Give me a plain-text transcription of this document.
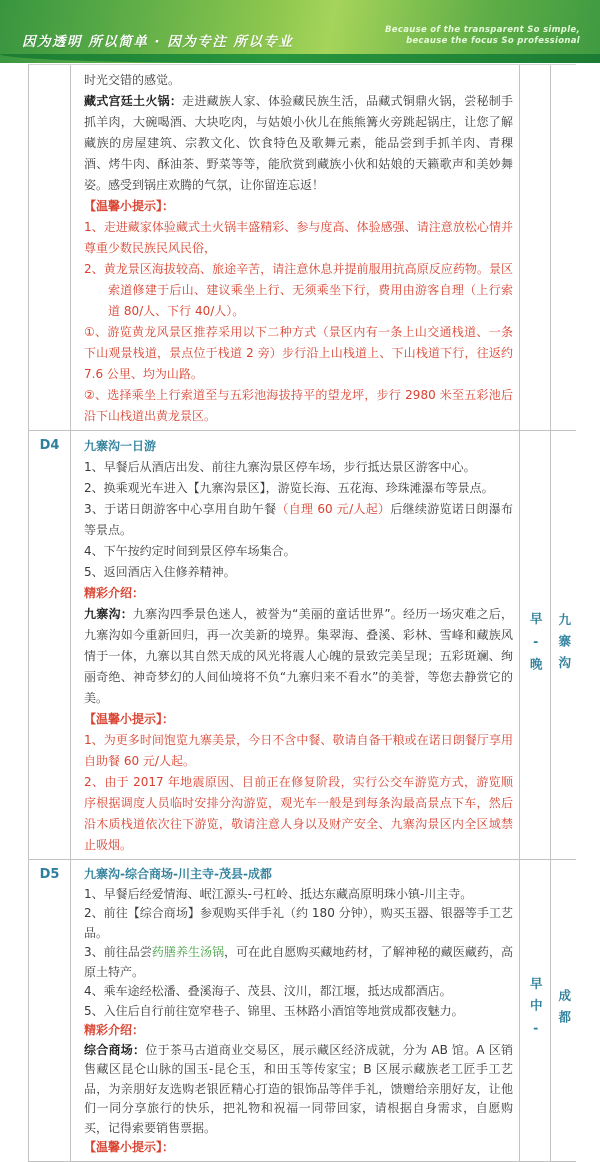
因为透明 所以简单 · 因为专注 所以专业
Because of the transparent So simple,
because the focus So professional
时光交错的感觉。
藏式宫廷土火锅：走进藏族人家、体验藏民族生活，品藏式铜鼎火锅，尝秘制手抓羊肉，大碗喝酒、大块吃肉，与姑娘小伙儿在熊熊篝火旁跳起锅庄，让您了解藏族的房屋建筑、宗教文化、饮食特色及歌舞元素，能品尝到手抓羊肉、青稞酒、烤牛肉、酥油茶、野菜等等，能欣赏到藏族小伙和姑娘的天籁歌声和美妙舞姿。感受到锅庄欢腾的气氛，让你留连忘返！
【温馨小提示】：
1、走进藏家体验藏式土火锅丰盛精彩、参与度高、体验感强、请注意放松心情并尊重少数民族民风民俗，
2、黄龙景区海拔较高、旅途辛苦，请注意休息并提前服用抗高原反应药物。景区索道修建于后山、建议乘坐上行、无须乘坐下行，费用由游客自理（上行索道 80/人、下行 40/人）。
①、游览黄龙风景区推荐采用以下二种方式（景区内有一条上山交通栈道、一条下山观景栈道，景点位于栈道 2 旁）步行沿上山栈道上、下山栈道下行，往返约 7.6 公里、均为山路。
②、选择乘坐上行索道至与五彩池海拔持平的望龙坪，步行 2980 米至五彩池后沿下山栈道出黄龙景区。
D4	九寨沟一日游
1、早餐后从酒店出发、前往九寨沟景区停车场，步行抵达景区游客中心。
2、换乘观光车进入【九寨沟景区】，游览长海、五花海、珍珠滩瀑布等景点。
3、于诺日朗游客中心享用自助午餐（自理 60 元/人起）后继续游览诺日朗瀑布等景点。
4、下午按约定时间到景区停车场集合。
5、返回酒店入住修养精神。
精彩介绍：
九寨沟：九寨沟四季景色迷人，被誉为“美丽的童话世界”。经历一场灾难之后，九寨沟如今重新回归，再一次美新的境界。集翠海、叠溪、彩林、雪峰和藏族风情于一体，九寨以其自然天成的风光将震人心魄的景致完美呈现；五彩斑斓、绚丽奇绝、神奇梦幻的人间仙境将不负“九寨归来不看水”的美誉，等您去静赏它的美。
【温馨小提示】：
1、为更多时间饱览九寨美景，今日不含中餐、敬请自备干粮或在诺日朗餐厅享用自助餐 60 元/人起。
2、由于 2017 年地震原因、目前正在修复阶段，实行公交车游览方式，游览顺序根据调度人员临时安排分沟游览，观光车一般是到每条沟最高景点下车，然后沿木质栈道依次往下游览，敬请注意人身以及财产安全、九寨沟景区内全区域禁止吸烟。
早-晚 九寨沟
D5	九寨沟-综合商场-川主寺-茂县-成都
1、早餐后经爱情海、岷江源头-弓杠岭、抵达东藏高原明珠小镇-川主寺。
2、前往【综合商场】参观购买伴手礼（约 180 分钟），购买玉器、银器等手工艺品。
3、前往品尝药膳养生汤锅，可在此自愿购买藏地药材，了解神秘的藏医藏药，高原土特产。
4、乘车途经松潘、叠溪海子、茂县、汶川，都江堰，抵达成都酒店。
5、入住后自行前往宽窄巷子、锦里、玉林路小酒馆等地赏成都夜魅力。
精彩介绍：
综合商场：位于茶马古道商业交易区，展示藏区经济成就，分为 AB 馆。A 区销售藏区昆仑山脉的国玉-昆仑玉，和田玉等传家宝；B 区展示藏族老工匠手工艺品，为亲朋好友选购老银匠精心打造的银饰品等伴手礼，馈赠给亲朋好友，让他们一同分享旅行的快乐，把礼物和祝福一同带回家，请根据自身需求，自愿购买，记得索要销售票据。
【温馨小提示】：
早中- 成都
